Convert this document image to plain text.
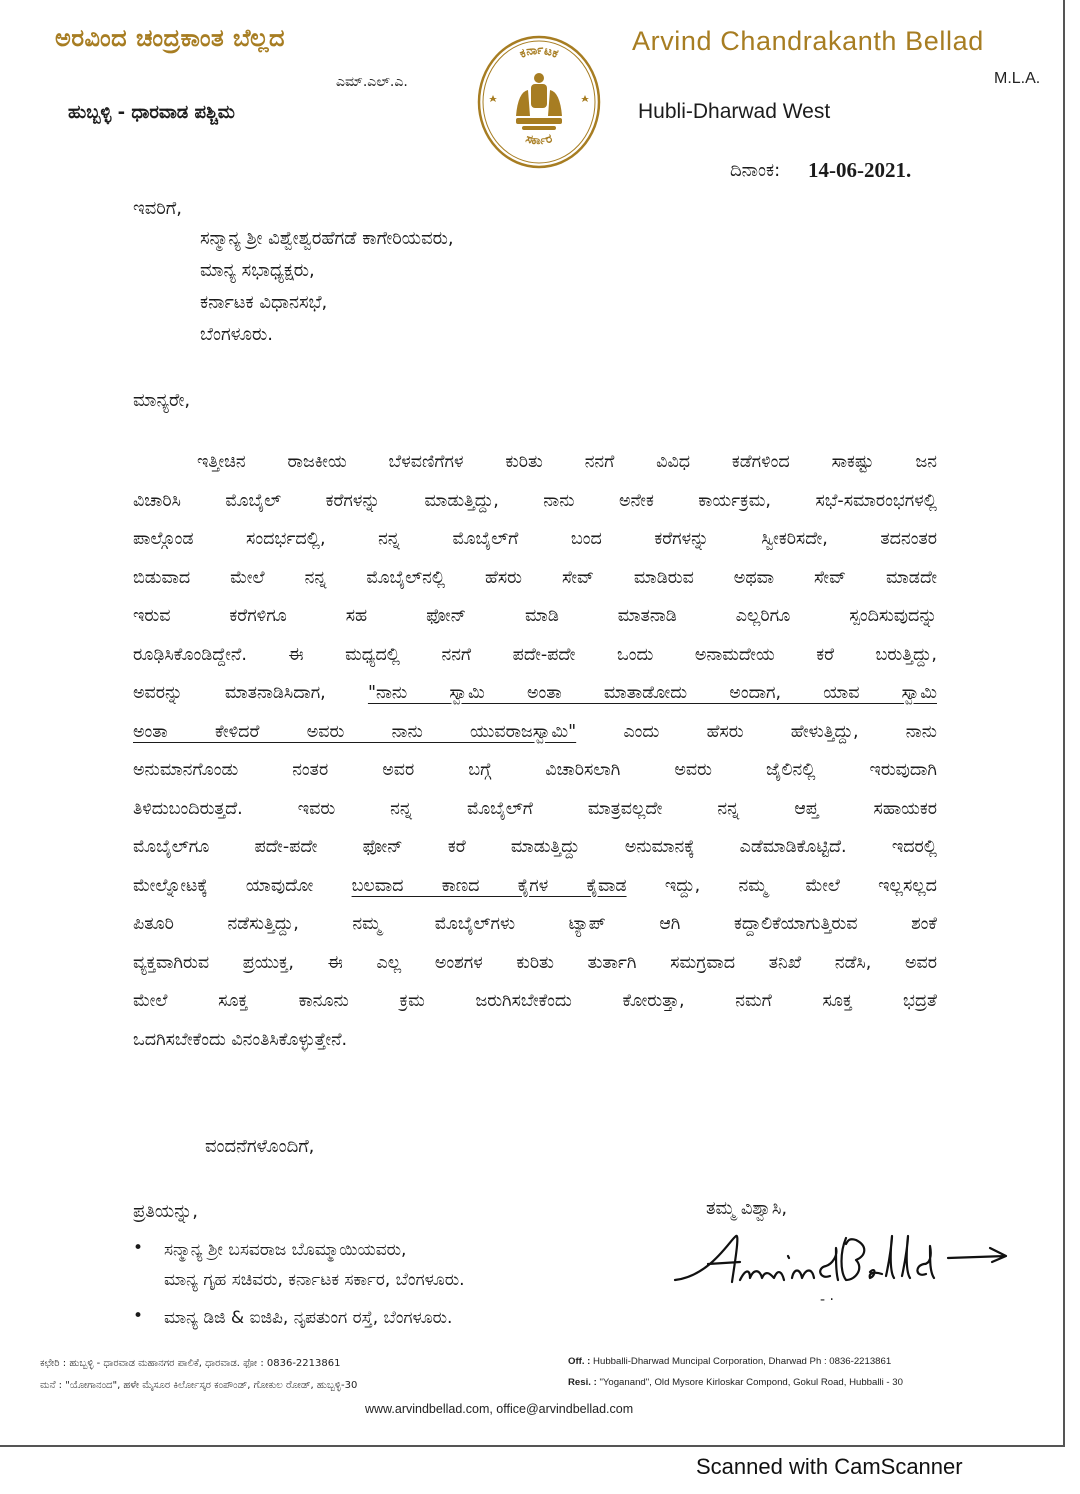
ಅರವಿಂದ ಚಂದ್ರಕಾಂತ ಬೆಲ್ಲದ
ಎಮ್.ಎಲ್.ಎ.
ಹುಬ್ಬಳ್ಳಿ - ಧಾರವಾಡ ಪಶ್ಚಿಮ
ಕರ್ನಾಟಕ
ಸರ್ಕಾರ
Arvind Chandrakanth Bellad
M.L.A.
Hubli-Dharwad West
ದಿನಾಂಕ: 14-06-2021.
ಇವರಿಗೆ,
ಸನ್ಮಾನ್ಯ ಶ್ರೀ ವಿಶ್ವೇಶ್ವರಹೆಗಡೆ ಕಾಗೇರಿಯವರು,
ಮಾನ್ಯ ಸಭಾಧ್ಯಕ್ಷರು,
ಕರ್ನಾಟಕ ವಿಧಾನಸಭೆ,
ಬೆಂಗಳೂರು.
ಮಾನ್ಯರೇ,
ಇತ್ತೀಚಿನ ರಾಜಕೀಯ ಬೆಳವಣಿಗೆಗಳ ಕುರಿತು ನನಗೆ ವಿವಿಧ ಕಡೆಗಳಿಂದ ಸಾಕಷ್ಟು ಜನ
ವಿಚಾರಿಸಿ ಮೊಬೈಲ್ ಕರೆಗಳನ್ನು ಮಾಡುತ್ತಿದ್ದು, ನಾನು ಅನೇಕ ಕಾರ್ಯಕ್ರಮ, ಸಭೆ-ಸಮಾರಂಭಗಳಲ್ಲಿ
ಪಾಲ್ಗೊಂಡ ಸಂದರ್ಭದಲ್ಲಿ, ನನ್ನ ಮೊಬೈಲ್‌ಗೆ ಬಂದ ಕರೆಗಳನ್ನು ಸ್ವೀಕರಿಸದೇ, ತದನಂತರ
ಬಿಡುವಾದ ಮೇಲೆ ನನ್ನ ಮೊಬೈಲ್‌ನಲ್ಲಿ ಹೆಸರು ಸೇವ್ ಮಾಡಿರುವ ಅಥವಾ ಸೇವ್ ಮಾಡದೇ
ಇರುವ ಕರೆಗಳಿಗೂ ಸಹ ಫೋನ್ ಮಾಡಿ ಮಾತನಾಡಿ ಎಲ್ಲರಿಗೂ ಸ್ಪಂದಿಸುವುದನ್ನು
ರೂಢಿಸಿಕೊಂಡಿದ್ದೇನೆ. ಈ ಮಧ್ಯದಲ್ಲಿ ನನಗೆ ಪದೇ-ಪದೇ ಒಂದು ಅನಾಮದೇಯ ಕರೆ ಬರುತ್ತಿದ್ದು,
ಅವರನ್ನು ಮಾತನಾಡಿಸಿದಾಗ, "ನಾನು ಸ್ವಾಮಿ ಅಂತಾ ಮಾತಾಡೋದು ಅಂದಾಗ, ಯಾವ ಸ್ವಾಮಿ
ಅಂತಾ ಕೇಳಿದರೆ ಅವರು ನಾನು ಯುವರಾಜಸ್ವಾಮಿ" ಎಂದು ಹೆಸರು ಹೇಳುತ್ತಿದ್ದು, ನಾನು
ಅನುಮಾನಗೊಂಡು ನಂತರ ಅವರ ಬಗ್ಗೆ ವಿಚಾರಿಸಲಾಗಿ ಅವರು ಜೈಲಿನಲ್ಲಿ ಇರುವುದಾಗಿ
ತಿಳಿದುಬಂದಿರುತ್ತದೆ. ಇವರು ನನ್ನ ಮೊಬೈಲ್‌ಗೆ ಮಾತ್ರವಲ್ಲದೇ ನನ್ನ ಆಪ್ತ ಸಹಾಯಕರ
ಮೊಬೈಲ್‌ಗೂ ಪದೇ-ಪದೇ ಫೋನ್ ಕರೆ ಮಾಡುತ್ತಿದ್ದು ಅನುಮಾನಕ್ಕೆ ಎಡೆಮಾಡಿಕೊಟ್ಟಿದೆ. ಇದರಲ್ಲಿ
ಮೇಲ್ನೋಟಕ್ಕೆ ಯಾವುದೋ ಬಲವಾದ ಕಾಣದ ಕೈಗಳ ಕೈವಾಡ ಇದ್ದು, ನಮ್ಮ ಮೇಲೆ ಇಲ್ಲಸಲ್ಲದ
ಪಿತೂರಿ ನಡೆಸುತ್ತಿದ್ದು, ನಮ್ಮ ಮೊಬೈಲ್‌ಗಳು ಟ್ಯಾಪ್ ಆಗಿ ಕದ್ದಾಲಿಕೆಯಾಗುತ್ತಿರುವ ಶಂಕೆ
ವ್ಯಕ್ತವಾಗಿರುವ ಪ್ರಯುಕ್ತ, ಈ ಎಲ್ಲ ಅಂಶಗಳ ಕುರಿತು ತುರ್ತಾಗಿ ಸಮಗ್ರವಾದ ತನಿಖೆ ನಡೆಸಿ, ಅವರ
ಮೇಲೆ ಸೂಕ್ತ ಕಾನೂನು ಕ್ರಮ ಜರುಗಿಸಬೇಕೆಂದು ಕೋರುತ್ತಾ, ನಮಗೆ ಸೂಕ್ತ ಭದ್ರತೆ
ಒದಗಿಸಬೇಕೆಂದು ವಿನಂತಿಸಿಕೊಳ್ಳುತ್ತೇನೆ.
ವಂದನೆಗಳೊಂದಿಗೆ,
ಪ್ರತಿಯನ್ನು,
• ಸನ್ಮಾನ್ಯ ಶ್ರೀ ಬಸವರಾಜ ಬೊಮ್ಮಾಯಿಯವರು,
ಮಾನ್ಯ ಗೃಹ ಸಚಿವರು, ಕರ್ನಾಟಕ ಸರ್ಕಾರ, ಬೆಂಗಳೂರು.
• ಮಾನ್ಯ ಡಿಜಿ & ಐಜಿಪಿ, ನೃಪತುಂಗ ರಸ್ತೆ, ಬೆಂಗಳೂರು.
ತಮ್ಮ ವಿಶ್ವಾಸಿ,
- ·
ಕಛೇರಿ : ಹುಬ್ಬಳ್ಳಿ - ಧಾರವಾಡ ಮಹಾನಗರ ಪಾಲಿಕೆ, ಧಾರವಾಡ. ಫೋ : 0836-2213861
ಮನೆ : "ಯೋಗಾನಂದ", ಹಳೇ ಮೈಸೂರ ಕಿರ್ಲೋಸ್ಕರ ಕಂಪೌಂಡ್, ಗೋಕುಲ ರೋಡ್, ಹುಬ್ಬಳ್ಳಿ-30
Off. : Hubballi-Dharwad Muncipal Corporation, Dharwad Ph : 0836-2213861
Resi. : "Yoganand", Old Mysore Kirloskar Compond, Gokul Road, Hubballi - 30
www.arvindbellad.com, office@arvindbellad.com
Scanned with CamScanner
